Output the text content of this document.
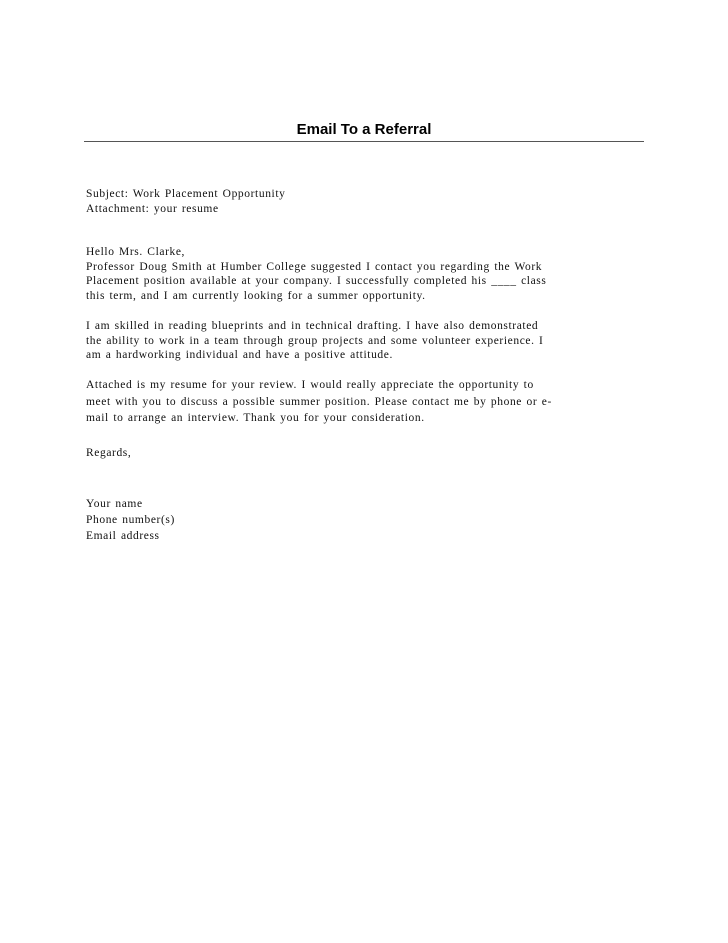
Email To a Referral
Subject: Work Placement Opportunity
Attachment: your resume
Hello Mrs. Clarke,
Professor Doug Smith at Humber College suggested I contact you regarding the Work
Placement position available at your company. I successfully completed his ____ class
this term, and I am currently looking for a summer opportunity.
I am skilled in reading blueprints and in technical drafting. I have also demonstrated
the ability to work in a team through group projects and some volunteer experience. I
am a hardworking individual and have a positive attitude.
Attached is my resume for your review. I would really appreciate the opportunity to
meet with you to discuss a possible summer position. Please contact me by phone or e-
mail to arrange an interview. Thank you for your consideration.
Regards,
Your name
Phone number(s)
Email address
